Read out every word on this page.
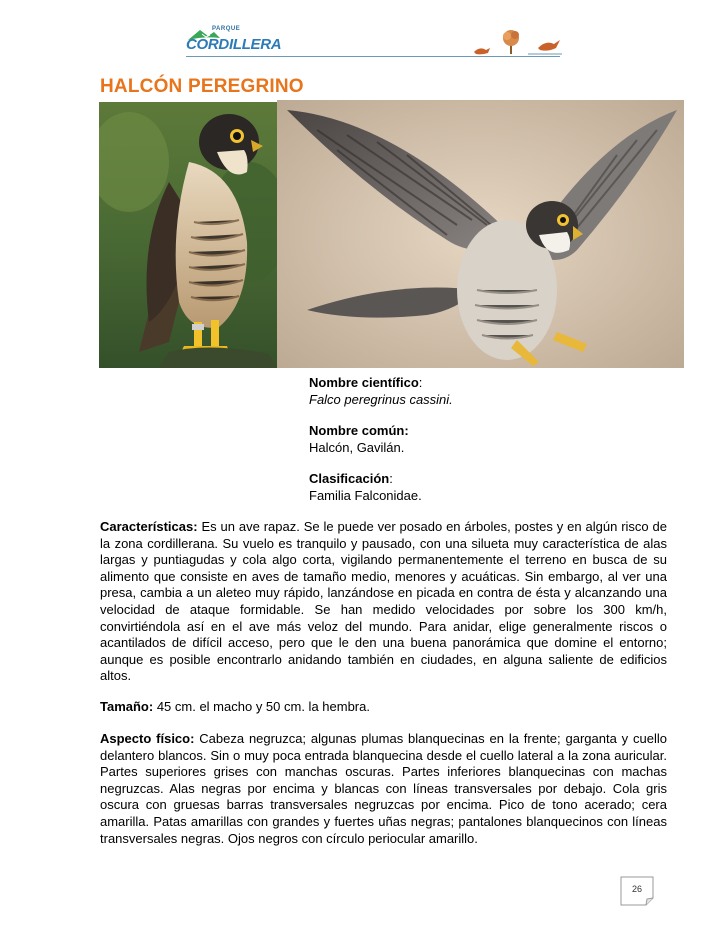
PARQUE
CORDILLERA
HALCÓN PEREGRINO

Nombre científico:
Falco peregrinus cassini.

Nombre común:
Halcón, Gavilán.

Clasificación:
Familia Falconidae.

Características: Es un ave rapaz. Se le puede ver posado en árboles, postes y en algún risco de la zona cordillerana. Su vuelo es tranquilo y pausado, con una silueta muy característica de alas largas y puntiagudas y cola algo corta, vigilando permanentemente el terreno en busca de su alimento que consiste en aves de tamaño medio, menores y acuáticas. Sin embargo, al ver una presa, cambia a un aleteo muy rápido, lanzándose en picada en contra de ésta y alcanzando una velocidad de ataque formidable. Se han medido velocidades por sobre los 300 km/h, convirtiéndola así en el ave más veloz del mundo. Para anidar, elige generalmente riscos o acantilados de difícil acceso, pero que le den una buena panorámica que domine el entorno; aunque es posible encontrarlo anidando también en ciudades, en alguna saliente de edificios altos.

Tamaño: 45 cm. el macho y 50 cm. la hembra.

Aspecto físico: Cabeza negruzca; algunas plumas blanquecinas en la frente; garganta y cuello delantero blancos. Sin o muy poca entrada blanquecina desde el cuello lateral a la zona auricular. Partes superiores grises con manchas oscuras. Partes inferiores blanquecinas con machas negruzcas. Alas negras por encima y blancas con líneas transversales por debajo. Cola gris oscura con gruesas barras transversales negruzcas por encima. Pico de tono acerado; cera amarilla. Patas amarillas con grandes y fuertes uñas negras; pantalones blanquecinos con líneas transversales negras. Ojos negros con círculo periocular amarillo.

26
